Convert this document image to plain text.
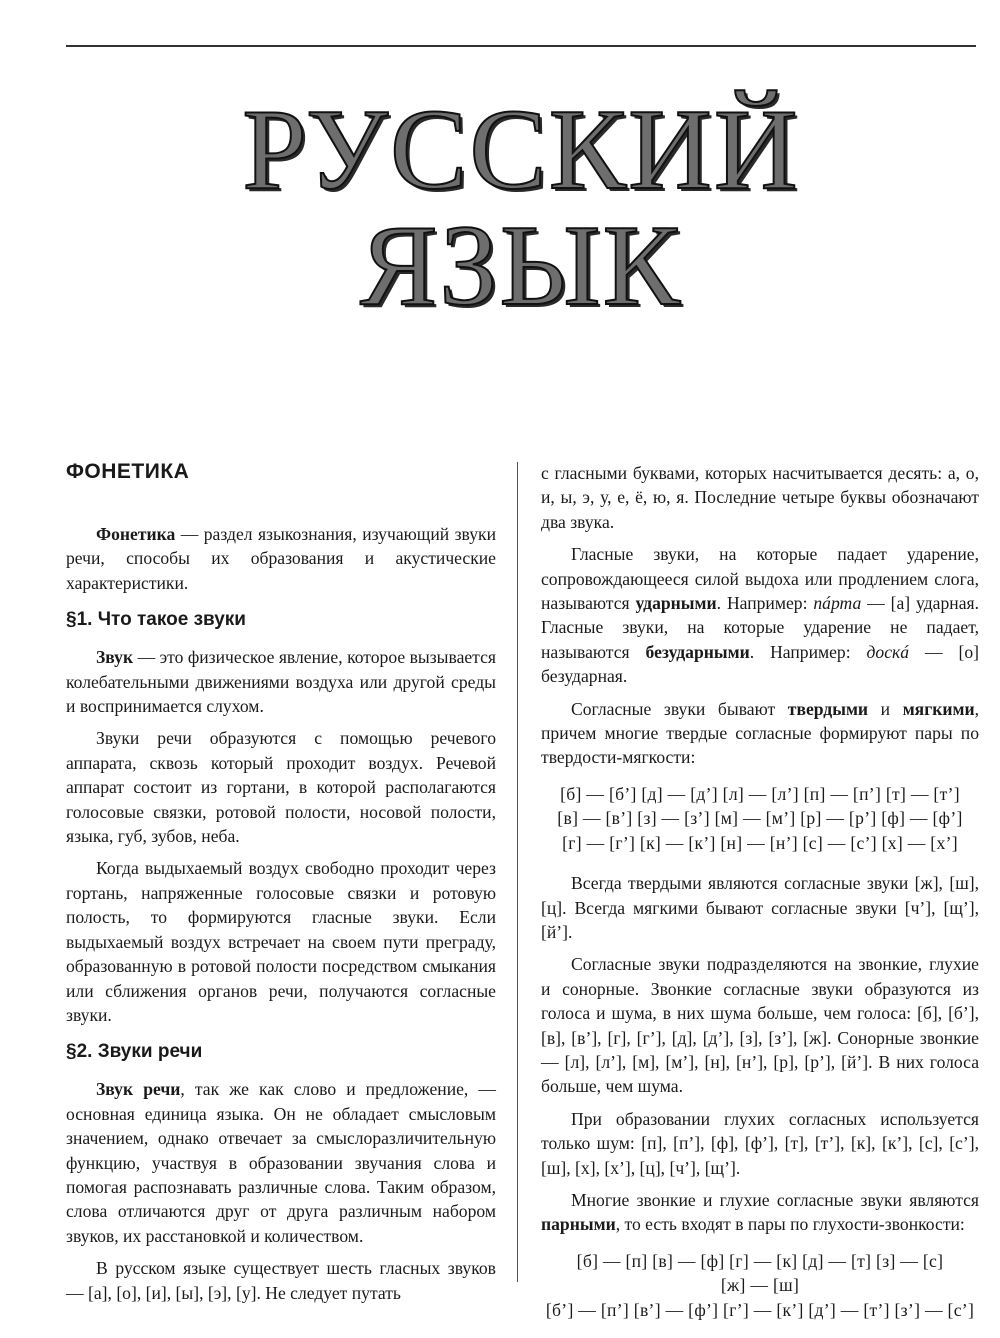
РУССКИЙ ЯЗЫК
ФОНЕТИКА

Фонетика — раздел языкознания, изучающий звуки речи, способы их образования и акустические характеристики.

§1. Что такое звуки

Звук — это физическое явление, которое вызывается колебательными движениями воздуха или другой среды и воспринимается слухом.

Звуки речи образуются с помощью речевого аппарата, сквозь который проходит воздух. Речевой аппарат состоит из гортани, в которой располагаются голосовые связки, ротовой полости, носовой полости, языка, губ, зубов, неба.

Когда выдыхаемый воздух свободно проходит через гортань, напряженные голосовые связки и ротовую полость, то формируются гласные звуки. Если выдыхаемый воздух встречает на своем пути преграду, образованную в ротовой полости посредством смыкания или сближения органов речи, получаются согласные звуки.

§2. Звуки речи

Звук речи, так же как слово и предложение, — основная единица языка. Он не обладает смысловым значением, однако отвечает за смыслоразличительную функцию, участвуя в образовании звучания слова и помогая распознавать различные слова. Таким образом, слова отличаются друг от друга различным набором звуков, их расстановкой и количеством.

В русском языке существует шесть гласных звуков — [а], [о], [и], [ы], [э], [у]. Не следует путать

с гласными буквами, которых насчитывается десять: а, о, и, ы, э, у, е, ё, ю, я. Последние четыре буквы обозначают два звука.

Гласные звуки, на которые падает ударение, сопровождающееся силой выдоха или продлением слога, называются ударными. Например: пáрта — [а] ударная. Гласные звуки, на которые ударение не падает, называются безударными. Например: доскá — [о] безударная.

Согласные звуки бывают твердыми и мягкими, причем многие твердые согласные формируют пары по твердости-мягкости:

[б] — [б’] [д] — [д’] [л] — [л’] [п] — [п’] [т] — [т’]
[в] — [в’] [з] — [з’] [м] — [м’] [р] — [р’] [ф] — [ф’]
[г] — [г’] [к] — [к’] [н] — [н’] [с] — [с’] [х] — [х’]

Всегда твердыми являются согласные звуки [ж], [ш], [ц]. Всегда мягкими бывают согласные звуки [ч’], [щ’], [й’].

Согласные звуки подразделяются на звонкие, глухие и сонорные. Звонкие согласные звуки образуются из голоса и шума, в них шума больше, чем голоса: [б], [б’], [в], [в’], [г], [г’], [д], [д’], [з], [з’], [ж]. Сонорные звонкие — [л], [л’], [м], [м’], [н], [н’], [р], [р’], [й’]. В них голоса больше, чем шума.

При образовании глухих согласных используется только шум: [п], [п’], [ф], [ф’], [т], [т’], [к], [к’], [с], [с’], [ш], [х], [х’], [ц], [ч’], [щ’].

Многие звонкие и глухие согласные звуки являются парными, то есть входят в пары по глухости-звонкости:

[б] — [п] [в] — [ф] [г] — [к] [д] — [т] [з] — [с]
[ж] — [ш]
[б’] — [п’] [в’] — [ф’] [г’] — [к’] [д’] — [т’] [з’] — [с’]
